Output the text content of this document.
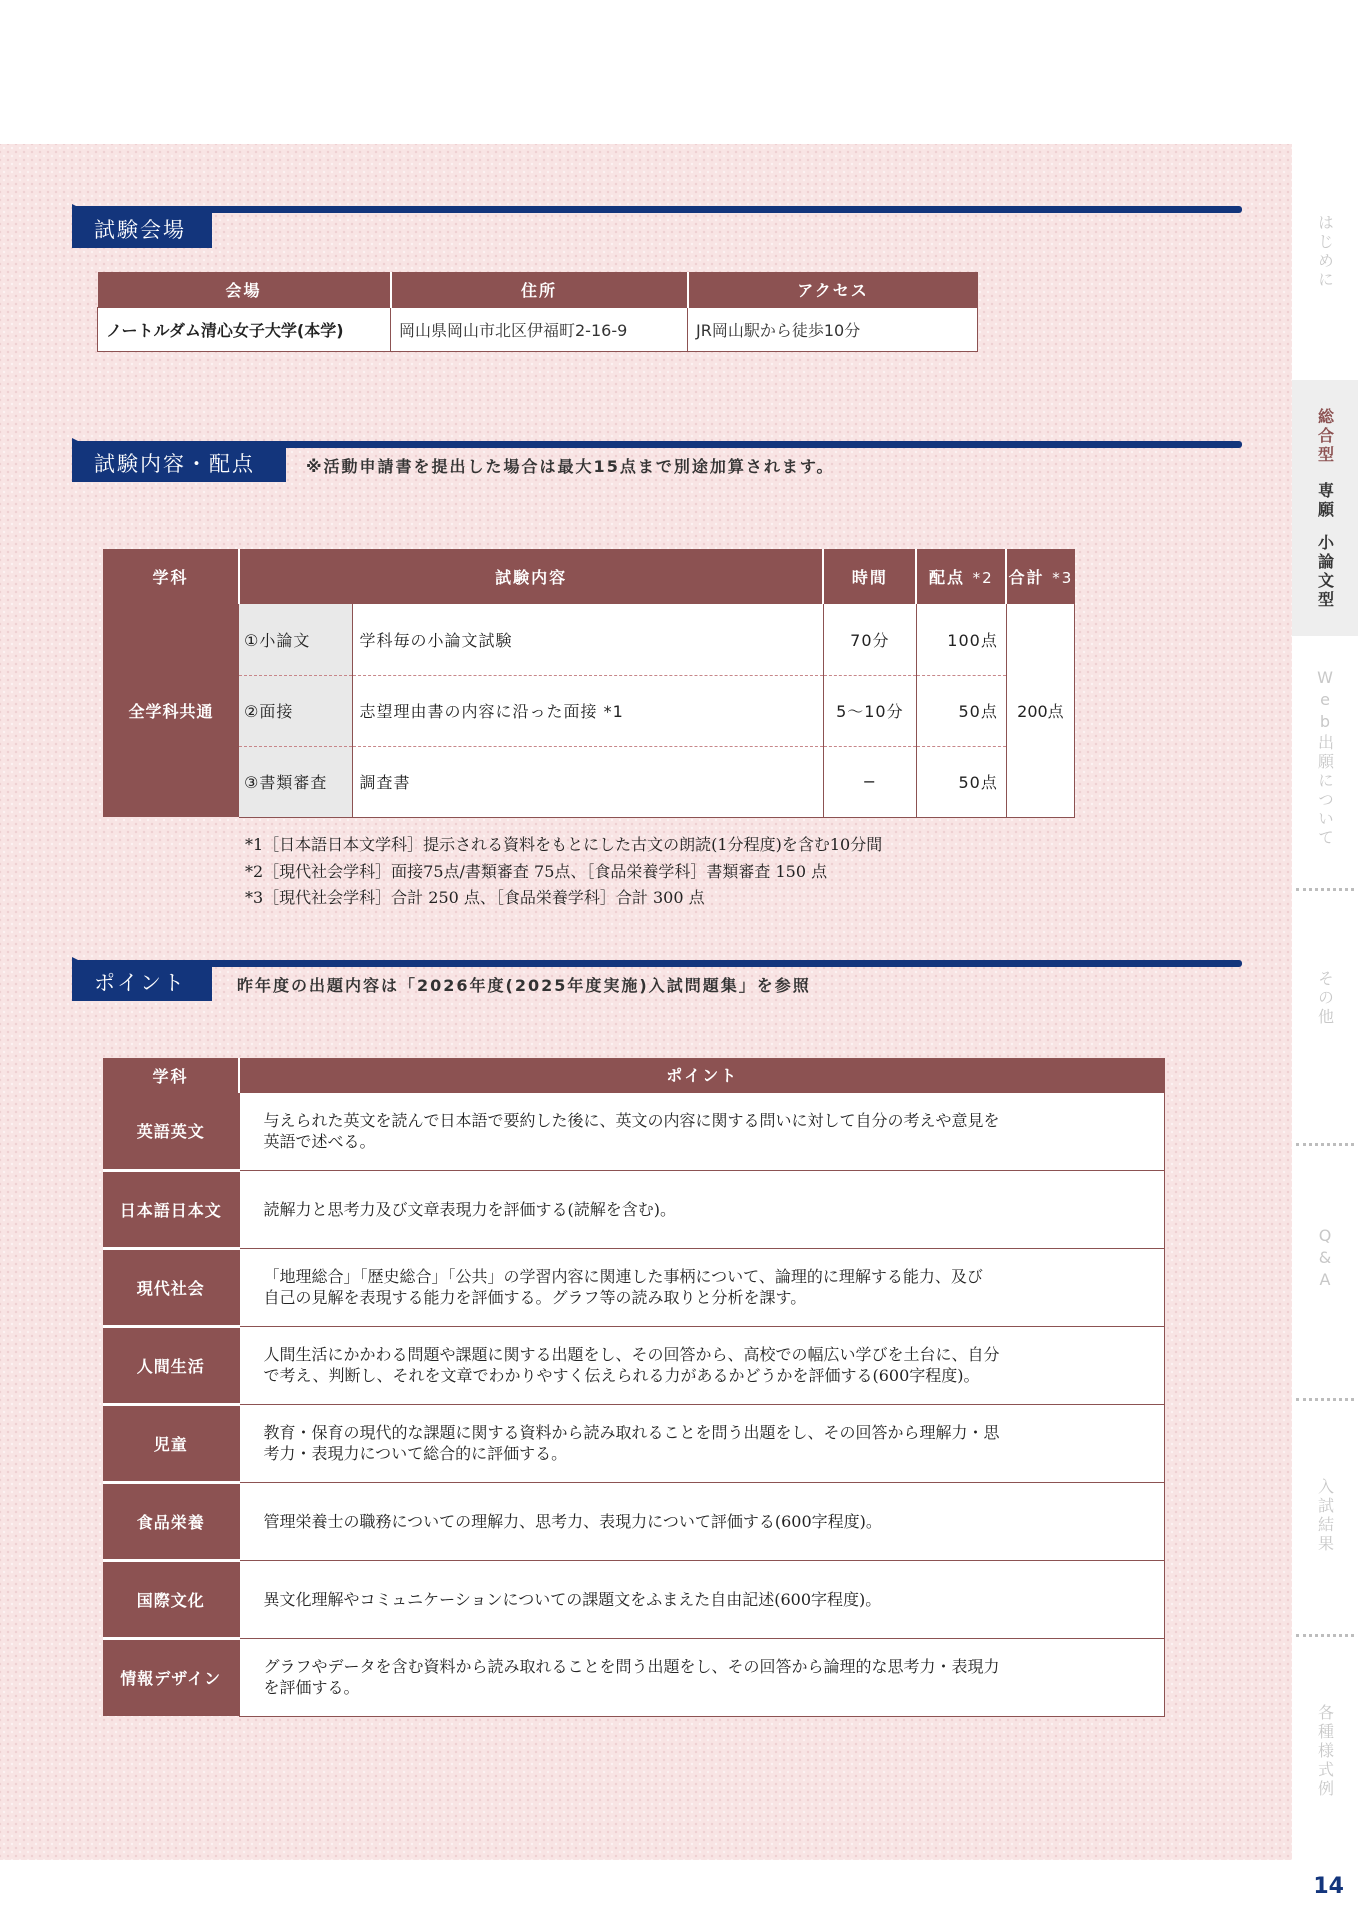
試験会場
会場	住所	アクセス
ノートルダム清心女子大学(本学)	岡山県岡山市北区伊福町2-16-9	JR岡山駅から徒歩10分
試験内容・配点	※活動申請書を提出した場合は最大15点まで別途加算されます。
学科	試験内容		時間	配点 *2	合計 *3
全学科共通	①小論文	学科毎の小論文試験	70分	100点	200点
	②面接	志望理由書の内容に沿った面接 *1	5〜10分	50点	
	③書類審査	調査書	−	50点	
*1［日本語日本文学科］提示される資料をもとにした古文の朗読(1分程度)を含む10分間
*2［現代社会学科］面接75点/書類審査 75点、［食品栄養学科］書類審査 150 点
*3［現代社会学科］合計 250 点、［食品栄養学科］合計 300 点
ポイント	昨年度の出題内容は「2026年度(2025年度実施)入試問題集」を参照
学科	ポイント
英語英文	与えられた英文を読んで日本語で要約した後に、英文の内容に関する問いに対して自分の考えや意見を
英語で述べる。

日本語日本文	読解力と思考力及び文章表現力を評価する(読解を含む)。

現代社会	「地理総合」「歴史総合」「公共」の学習内容に関連した事柄について、論理的に理解する能力、及び
自己の見解を表現する能力を評価する。グラフ等の読み取りと分析を課す。

人間生活	人間生活にかかわる問題や課題に関する出題をし、その回答から、高校での幅広い学びを土台に、自分
で考え、判断し、それを文章でわかりやすく伝えられる力があるかどうかを評価する(600字程度)。

児童	教育・保育の現代的な課題に関する資料から読み取れることを問う出題をし、その回答から理解力・思
考力・表現力について総合的に評価する。

食品栄養	管理栄養士の職務についての理解力、思考力、表現力について評価する(600字程度)。

国際文化	異文化理解やコミュニケーションについての課題文をふまえた自由記述(600字程度)。

情報デザイン	グラフやデータを含む資料から読み取れることを問う出題をし、その回答から論理的な思考力・表現力
を評価する。
はじめに
総合型
専願
小論文型
Web出願について
その他
Q&A
入試結果
各種様式例
14
